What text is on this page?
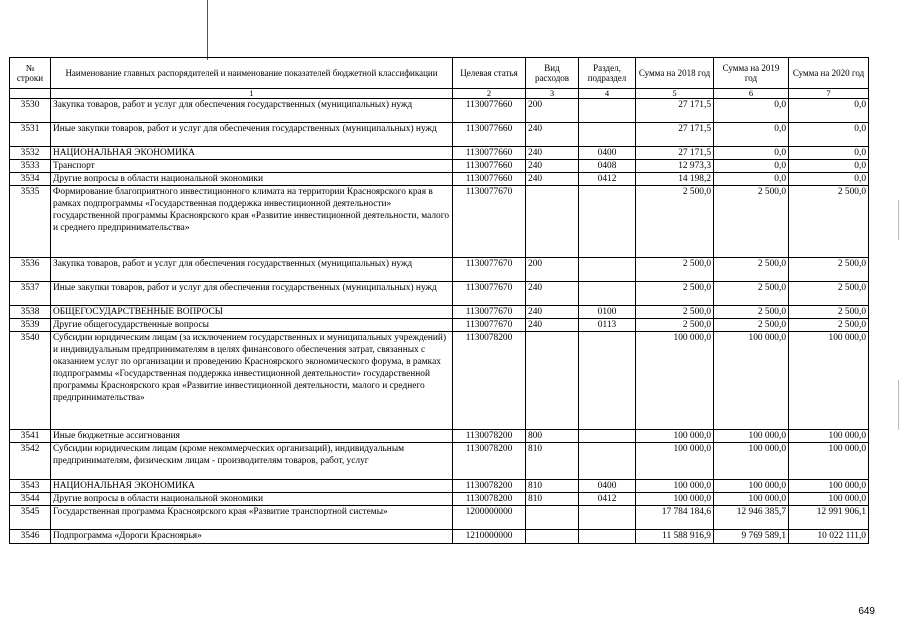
№ строки	Наименование главных распорядителей и наименование показателей бюджетной классификации	Целевая статья	Вид расходов	Раздел, подраздел	Сумма на 2018 год	Сумма на 2019 год	Сумма на 2020 год
	1	2	3	4	5	6	7
3530	Закупка товаров, работ и услуг для обеспечения государственных (муниципальных) нужд	1130077660	200		27 171,5	0,0	0,0
3531	Иные закупки товаров, работ и услуг для обеспечения государственных (муниципальных) нужд	1130077660	240		27 171,5	0,0	0,0
3532	НАЦИОНАЛЬНАЯ ЭКОНОМИКА	1130077660	240	0400	27 171,5	0,0	0,0
3533	Транспорт	1130077660	240	0408	12 973,3	0,0	0,0
3534	Другие вопросы в области национальной экономики	1130077660	240	0412	14 198,2	0,0	0,0
3535	Формирование благоприятного инвестиционного климата на территории Красноярского края в рамках подпрограммы «Государственная поддержка инвестиционной деятельности» государственной программы Красноярского края «Развитие инвестиционной деятельности, малого и среднего предпринимательства»	1130077670			2 500,0	2 500,0	2 500,0
3536	Закупка товаров, работ и услуг для обеспечения государственных (муниципальных) нужд	1130077670	200		2 500,0	2 500,0	2 500,0
3537	Иные закупки товаров, работ и услуг для обеспечения государственных (муниципальных) нужд	1130077670	240		2 500,0	2 500,0	2 500,0
3538	ОБЩЕГОСУДАРСТВЕННЫЕ ВОПРОСЫ	1130077670	240	0100	2 500,0	2 500,0	2 500,0
3539	Другие общегосударственные вопросы	1130077670	240	0113	2 500,0	2 500,0	2 500,0
3540	Субсидии юридическим лицам (за исключением государственных и муниципальных учреждений) и индивидуальным предпринимателям в целях финансового обеспечения затрат, связанных с оказанием услуг по организации и проведению Красноярского экономического форума, в рамках подпрограммы «Государственная поддержка инвестиционной деятельности» государственной программы Красноярского края «Развитие инвестиционной деятельности, малого и среднего предпринимательства»	1130078200			100 000,0	100 000,0	100 000,0
3541	Иные бюджетные ассигнования	1130078200	800		100 000,0	100 000,0	100 000,0
3542	Субсидии юридическим лицам (кроме некоммерческих организаций), индивидуальным предпринимателям, физическим лицам - производителям товаров, работ, услуг	1130078200	810		100 000,0	100 000,0	100 000,0
3543	НАЦИОНАЛЬНАЯ ЭКОНОМИКА	1130078200	810	0400	100 000,0	100 000,0	100 000,0
3544	Другие вопросы в области национальной экономики	1130078200	810	0412	100 000,0	100 000,0	100 000,0
3545	Государственная программа Красноярского края «Развитие транспортной системы»	1200000000			17 784 184,6	12 946 385,7	12 991 906,1
3546	Подпрограмма «Дороги Красноярья»	1210000000			11 588 916,9	9 769 589,1	10 022 111,0
649
